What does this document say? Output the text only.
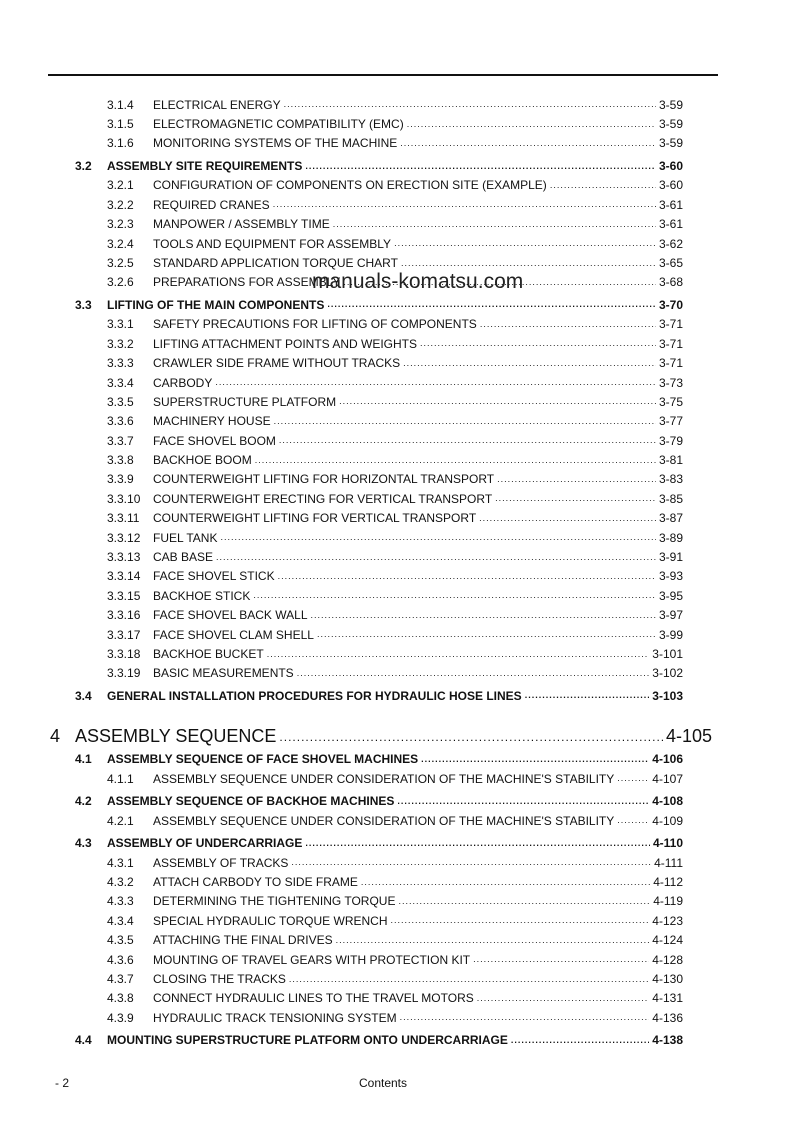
3.1.4 ELECTRICAL ENERGY .....	3-59
3.1.5 ELECTROMAGNETIC COMPATIBILITY (EMC) .....	3-59
3.1.6 MONITORING SYSTEMS OF THE MACHINE .....	3-59
3.2 ASSEMBLY SITE REQUIREMENTS .....	3-60
3.2.1 CONFIGURATION OF COMPONENTS ON ERECTION SITE (EXAMPLE) .....	3-60
3.2.2 REQUIRED CRANES .....	3-61
3.2.3 MANPOWER / ASSEMBLY TIME .....	3-61
3.2.4 TOOLS AND EQUIPMENT FOR ASSEMBLY .....	3-62
3.2.5 STANDARD APPLICATION TORQUE CHART .....	3-65
3.2.6 PREPARATIONS FOR ASSEMBLY .....	3-68
3.3 LIFTING OF THE MAIN COMPONENTS .....	3-70
3.3.1 SAFETY PRECAUTIONS FOR LIFTING OF COMPONENTS .....	3-71
3.3.2 LIFTING ATTACHMENT POINTS AND WEIGHTS .....	3-71
3.3.3 CRAWLER SIDE FRAME WITHOUT TRACKS .....	3-71
3.3.4 CARBODY .....	3-73
3.3.5 SUPERSTRUCTURE PLATFORM .....	3-75
3.3.6 MACHINERY HOUSE .....	3-77
3.3.7 FACE SHOVEL BOOM .....	3-79
3.3.8 BACKHOE BOOM .....	3-81
3.3.9 COUNTERWEIGHT LIFTING FOR HORIZONTAL TRANSPORT .....	3-83
3.3.10 COUNTERWEIGHT ERECTING FOR VERTICAL TRANSPORT .....	3-85
3.3.11 COUNTERWEIGHT LIFTING FOR VERTICAL TRANSPORT .....	3-87
3.3.12 FUEL TANK .....	3-89
3.3.13 CAB BASE .....	3-91
3.3.14 FACE SHOVEL STICK .....	3-93
3.3.15 BACKHOE STICK .....	3-95
3.3.16 FACE SHOVEL BACK WALL .....	3-97
3.3.17 FACE SHOVEL CLAM SHELL .....	3-99
3.3.18 BACKHOE BUCKET .....	3-101
3.3.19 BASIC MEASUREMENTS .....	3-102
3.4 GENERAL INSTALLATION PROCEDURES FOR HYDRAULIC HOSE LINES .....	3-103
4 ASSEMBLY SEQUENCE .....	4-105
4.1 ASSEMBLY SEQUENCE OF FACE SHOVEL MACHINES .....	4-106
4.1.1 ASSEMBLY SEQUENCE UNDER CONSIDERATION OF THE MACHINE'S STABILITY .....	4-107
4.2 ASSEMBLY SEQUENCE OF BACKHOE MACHINES .....	4-108
4.2.1 ASSEMBLY SEQUENCE UNDER CONSIDERATION OF THE MACHINE'S STABILITY .....	4-109
4.3 ASSEMBLY OF UNDERCARRIAGE .....	4-110
4.3.1 ASSEMBLY OF TRACKS .....	4-111
4.3.2 ATTACH CARBODY TO SIDE FRAME .....	4-112
4.3.3 DETERMINING THE TIGHTENING TORQUE .....	4-119
4.3.4 SPECIAL HYDRAULIC TORQUE WRENCH .....	4-123
4.3.5 ATTACHING THE FINAL DRIVES .....	4-124
4.3.6 MOUNTING OF TRAVEL GEARS WITH PROTECTION KIT .....	4-128
4.3.7 CLOSING THE TRACKS .....	4-130
4.3.8 CONNECT HYDRAULIC LINES TO THE TRAVEL MOTORS .....	4-131
4.3.9 HYDRAULIC TRACK TENSIONING SYSTEM .....	4-136
4.4 MOUNTING SUPERSTRUCTURE PLATFORM ONTO UNDERCARRIAGE .....	4-138
manuals-komatsu.com
- 2	Contents
